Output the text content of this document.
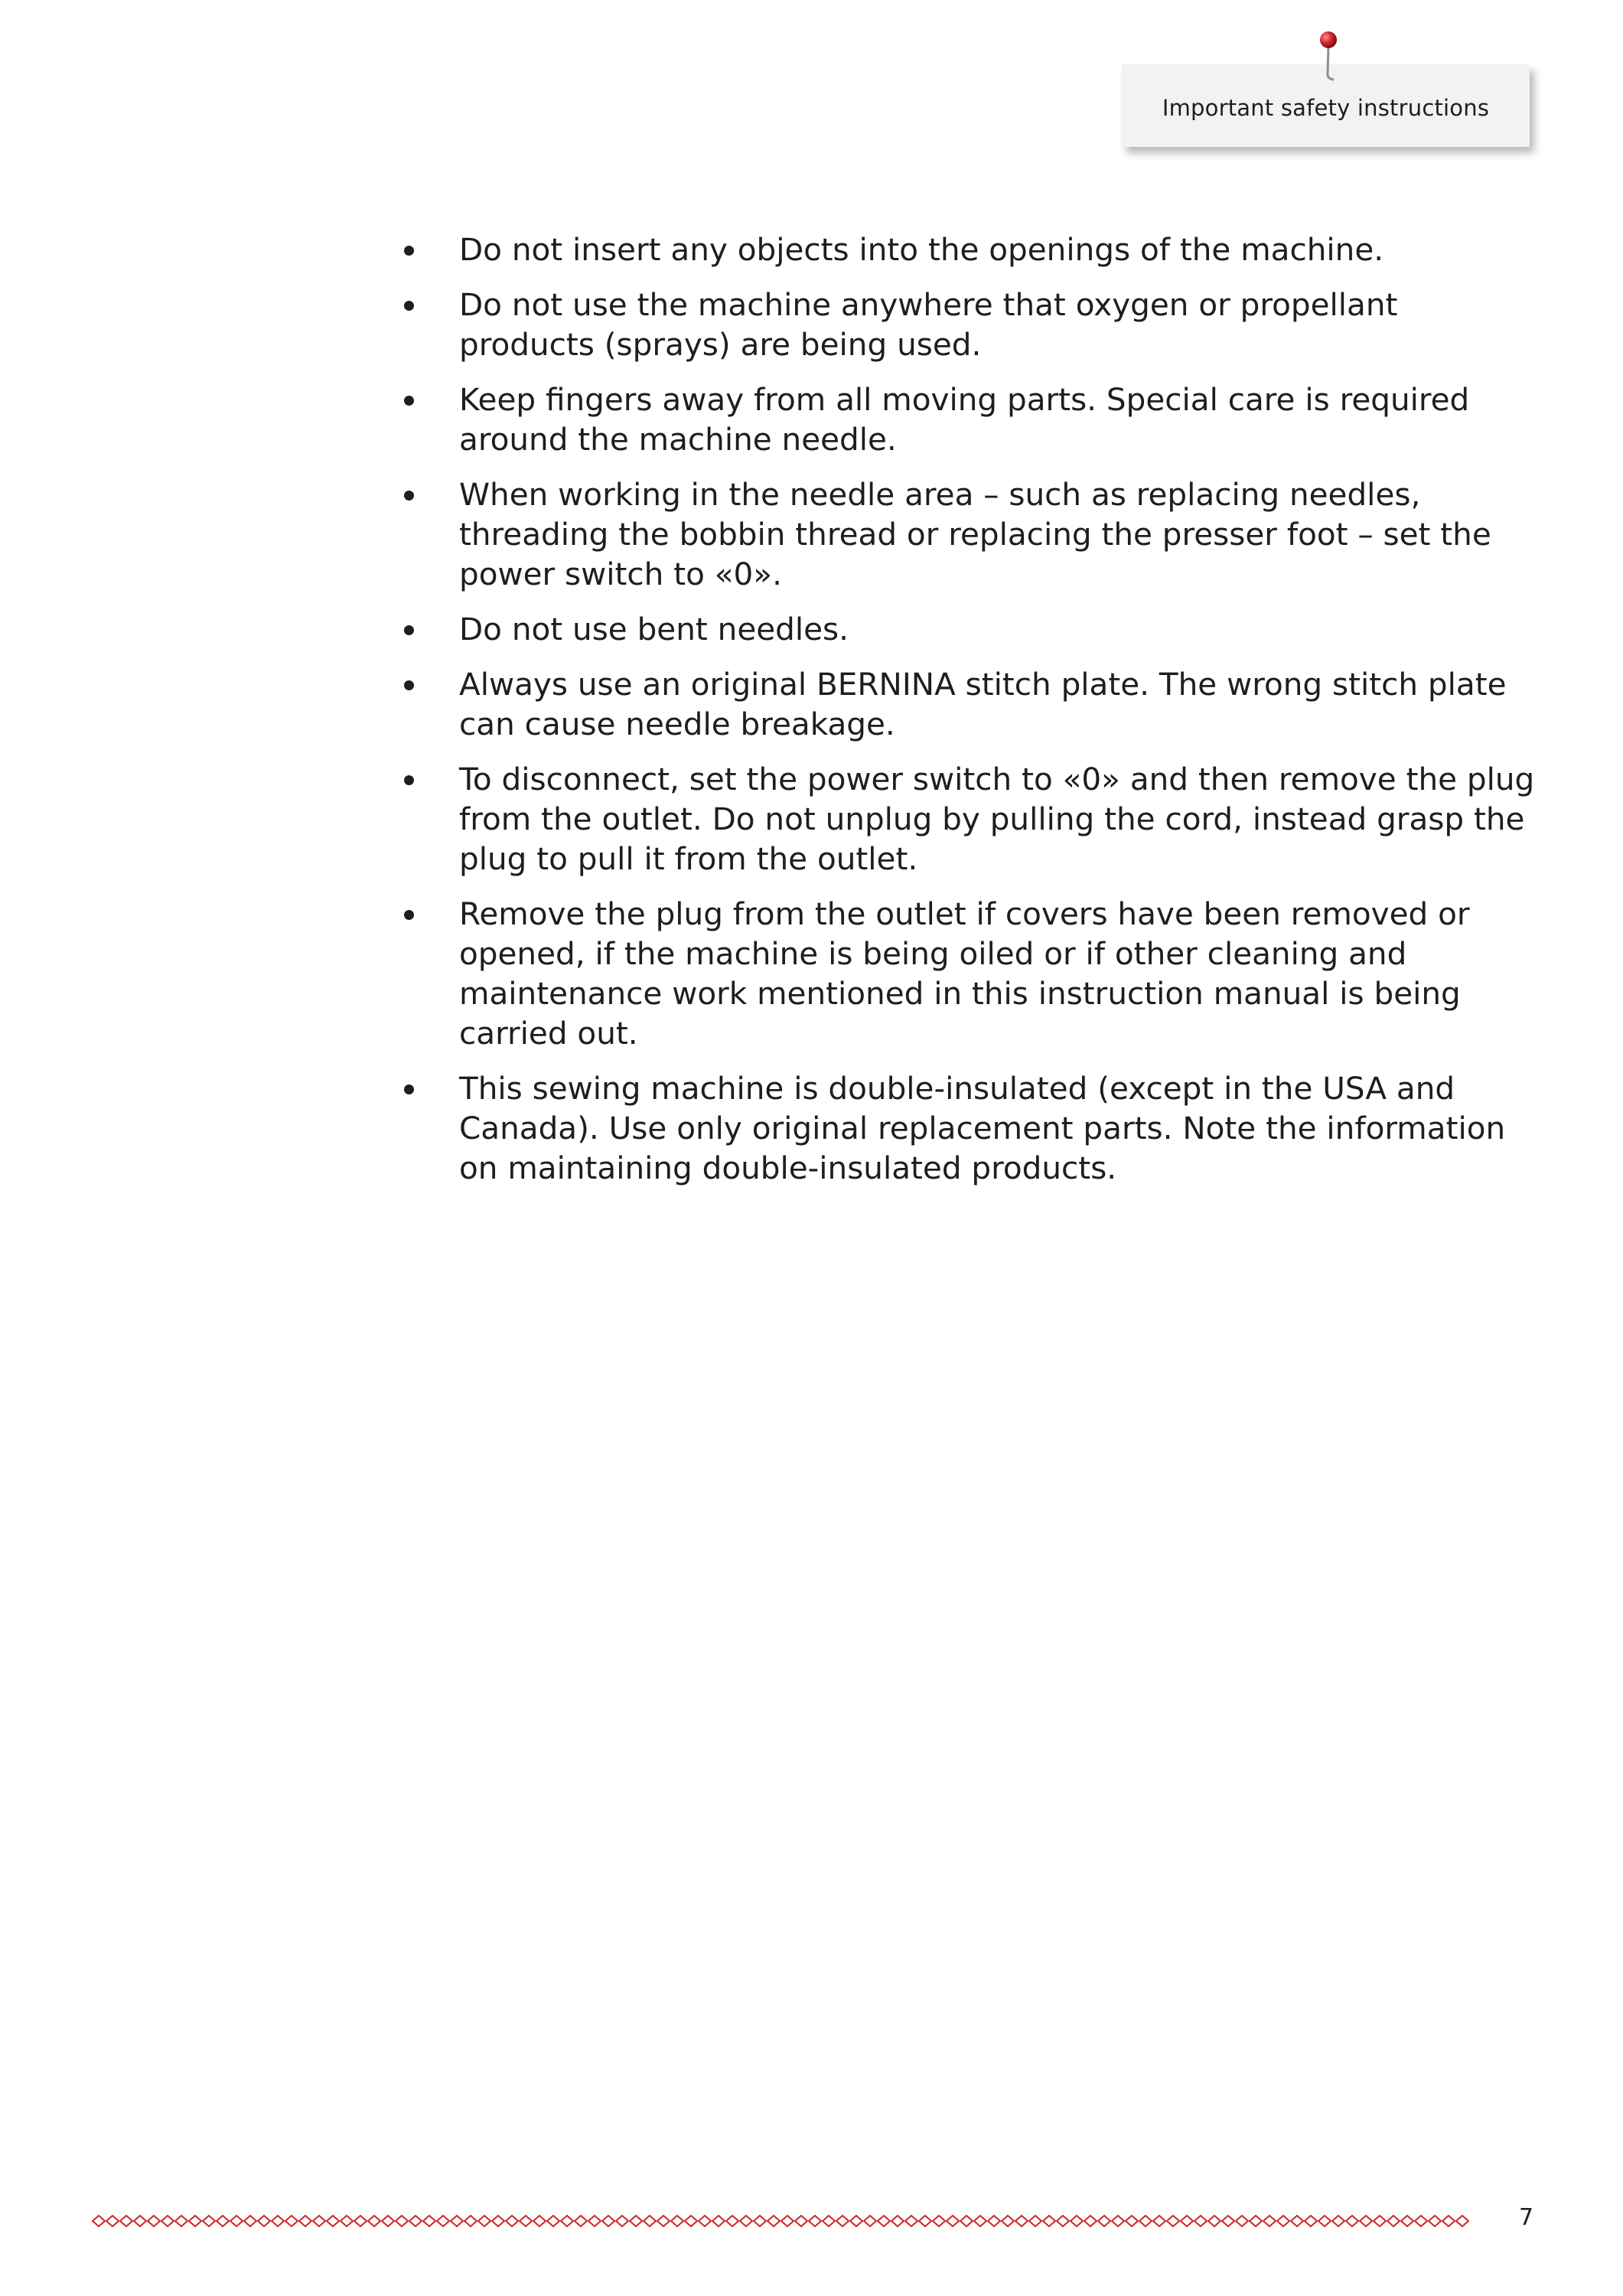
Important safety instructions
Do not insert any objects into the openings of the machine.
Do not use the machine anywhere that oxygen or propellant products (sprays) are being used.
Keep fingers away from all moving parts. Special care is required around the machine needle.
When working in the needle area – such as replacing needles, threading the bobbin thread or replacing the presser foot – set the power switch to «0».
Do not use bent needles.
Always use an original BERNINA stitch plate. The wrong stitch plate can cause needle breakage.
To disconnect, set the power switch to «0» and then remove the plug from the outlet. Do not unplug by pulling the cord, instead grasp the plug to pull it from the outlet.
Remove the plug from the outlet if covers have been removed or opened, if the machine is being oiled or if other cleaning and maintenance work mentioned in this instruction manual is being carried out.
This sewing machine is double-insulated (except in the USA and Canada). Use only original replacement parts. Note the information on maintaining double-insulated products.
7
